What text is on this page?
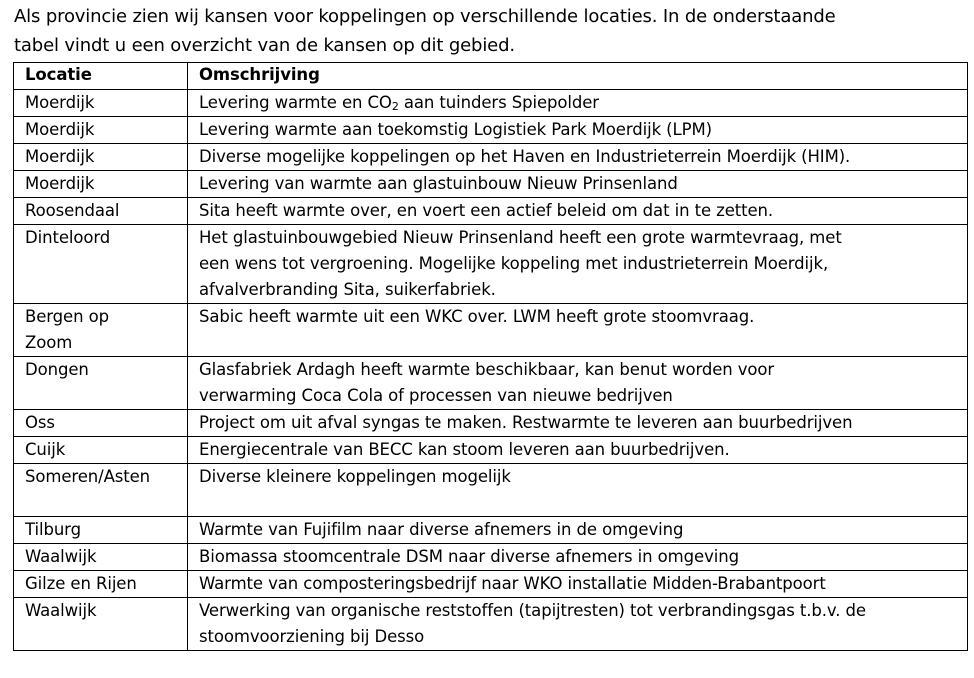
Als provincie zien wij kansen voor koppelingen op verschillende locaties. In de onderstaande

tabel vindt u een overzicht van de kansen op dit gebied.

Locatie	Omschrijving

Moerdijk	Levering warmte en CO2 aan tuinders Spiepolder

Moerdijk	Levering warmte aan toekomstig Logistiek Park Moerdijk (LPM)

Moerdijk	Diverse mogelijke koppelingen op het Haven en Industrieterrein Moerdijk (HIM).

Moerdijk	Levering van warmte aan glastuinbouw Nieuw Prinsenland

Roosendaal	Sita heeft warmte over, en voert een actief beleid om dat in te zetten.

Dinteloord	Het glastuinbouwgebied Nieuw Prinsenland heeft een grote warmtevraag, met
een wens tot vergroening. Mogelijke koppeling met industrieterrein Moerdijk,
afvalverbranding Sita, suikerfabriek.

Bergen op
Zoom	Sabic heeft warmte uit een WKC over. LWM heeft grote stoomvraag.

Dongen	Glasfabriek Ardagh heeft warmte beschikbaar, kan benut worden voor
verwarming Coca Cola of processen van nieuwe bedrijven

Oss	Project om uit afval syngas te maken. Restwarmte te leveren aan buurbedrijven

Cuijk	Energiecentrale van BECC kan stoom leveren aan buurbedrijven.

Someren/Asten	Diverse kleinere koppelingen mogelijk

Tilburg	Warmte van Fujifilm naar diverse afnemers in de omgeving

Waalwijk	Biomassa stoomcentrale DSM naar diverse afnemers in omgeving

Gilze en Rijen	Warmte van composteringsbedrijf naar WKO installatie Midden-Brabantpoort

Waalwijk	Verwerking van organische reststoffen (tapijtresten) tot verbrandingsgas t.b.v. de
stoomvoorziening bij Desso
